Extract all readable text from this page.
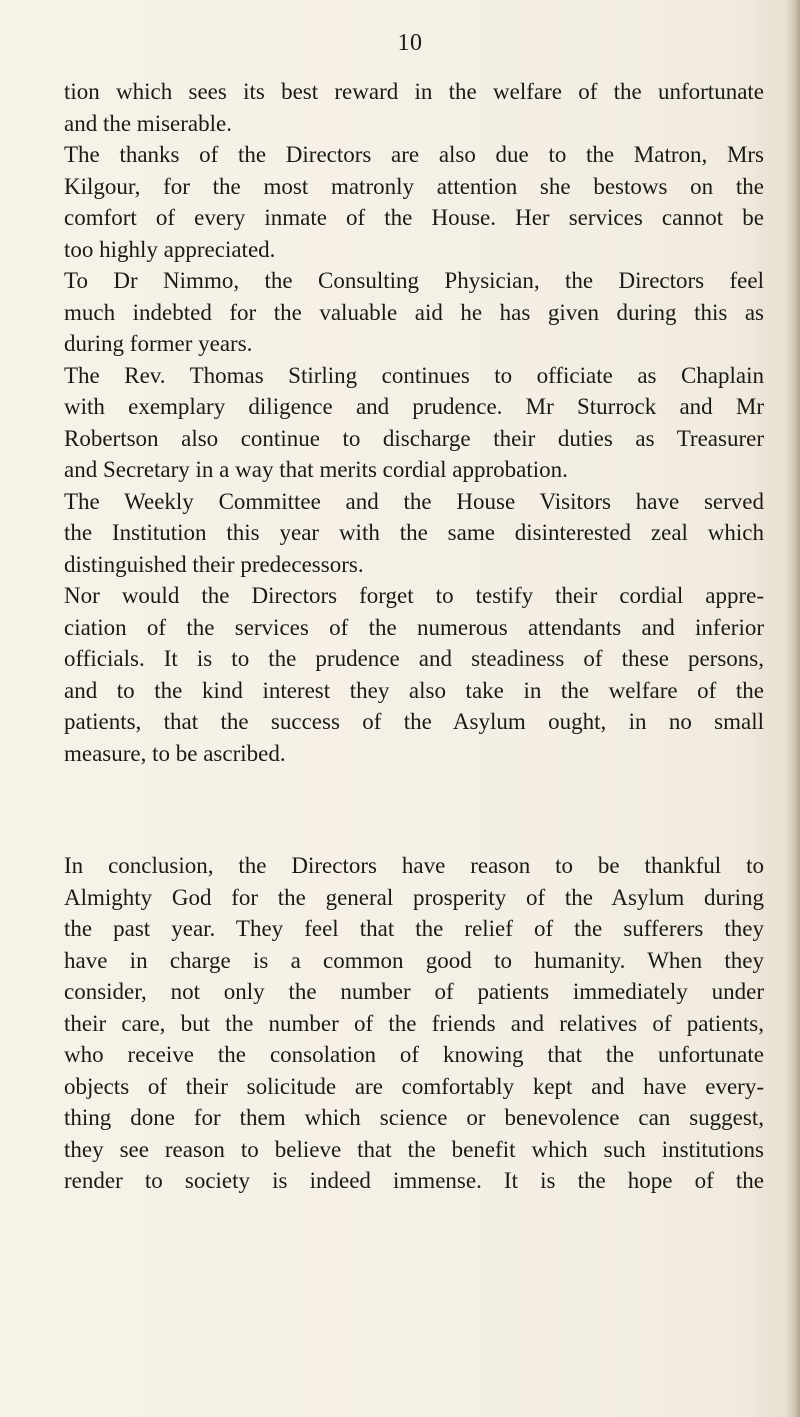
10
tion which sees its best reward in the welfare of the unfortunate
and the miserable.
The thanks of the Directors are also due to the Matron, Mrs
Kilgour, for the most matronly attention she bestows on the
comfort of every inmate of the House. Her services cannot be
too highly appreciated.
To Dr Nimmo, the Consulting Physician, the Directors feel
much indebted for the valuable aid he has given during this as
during former years.
The Rev. Thomas Stirling continues to officiate as Chaplain
with exemplary diligence and prudence. Mr Sturrock and Mr
Robertson also continue to discharge their duties as Treasurer
and Secretary in a way that merits cordial approbation.
The Weekly Committee and the House Visitors have served
the Institution this year with the same disinterested zeal which
distinguished their predecessors.
Nor would the Directors forget to testify their cordial appre-
ciation of the services of the numerous attendants and inferior
officials. It is to the prudence and steadiness of these persons,
and to the kind interest they also take in the welfare of the
patients, that the success of the Asylum ought, in no small
measure, to be ascribed.
In conclusion, the Directors have reason to be thankful to
Almighty God for the general prosperity of the Asylum during
the past year. They feel that the relief of the sufferers they
have in charge is a common good to humanity. When they
consider, not only the number of patients immediately under
their care, but the number of the friends and relatives of patients,
who receive the consolation of knowing that the unfortunate
objects of their solicitude are comfortably kept and have every-
thing done for them which science or benevolence can suggest,
they see reason to believe that the benefit which such institutions
render to society is indeed immense. It is the hope of the
